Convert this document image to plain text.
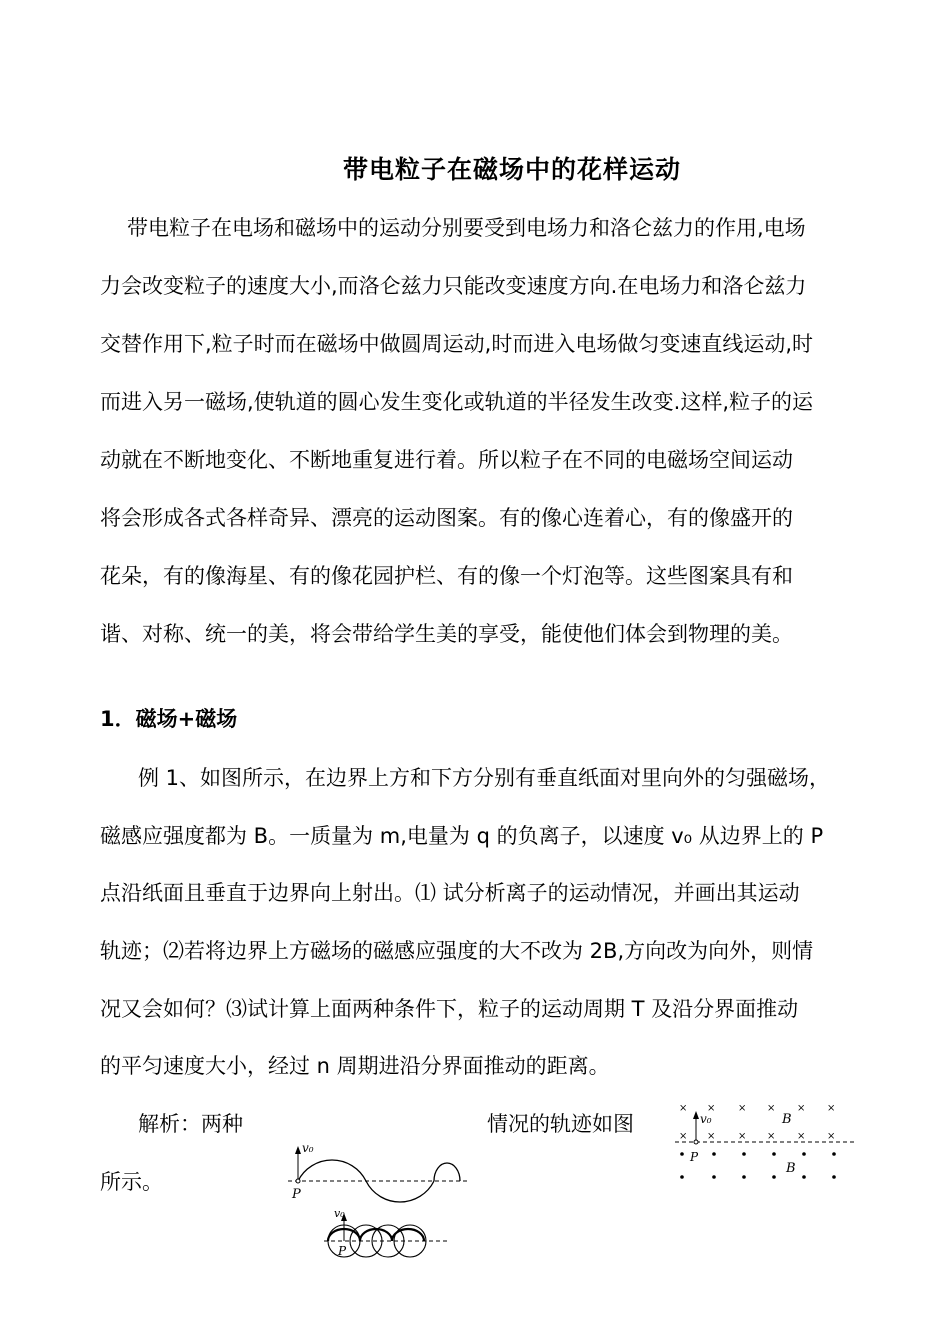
带电粒子在磁场中的花样运动
带电粒子在电场和磁场中的运动分别要受到电场力和洛仑兹力的作用,电场
力会改变粒子的速度大小,而洛仑兹力只能改变速度方向.在电场力和洛仑兹力
交替作用下,粒子时而在磁场中做圆周运动,时而进入电场做匀变速直线运动,时
而进入另一磁场,使轨道的圆心发生变化或轨道的半径发生改变.这样,粒子的运
动就在不断地变化、不断地重复进行着。所以粒子在不同的电磁场空间运动
将会形成各式各样奇异、漂亮的运动图案。有的像心连着心，有的像盛开的
花朵，有的像海星、有的像花园护栏、有的像一个灯泡等。这些图案具有和
谐、对称、统一的美，将会带给学生美的享受，能使他们体会到物理的美。
1．磁场+磁场
例 1、如图所示，在边界上方和下方分别有垂直纸面对里向外的匀强磁场，
磁感应强度都为 B。一质量为 m,电量为 q 的负离子，以速度 v₀ 从边界上的 P
点沿纸面且垂直于边界向上射出。⑴ 试分析离子的运动情况，并画出其运动
轨迹；⑵若将边界上方磁场的磁感应强度的大不改为 2B,方向改为向外，则情
况又会如何？⑶试计算上面两种条件下，粒子的运动周期 T 及沿分界面推动
的平匀速度大小，经过 n 周期进沿分界面推动的距离。
解析：两种	情况的轨迹如图
所示。
v₀
P
v₀
P
× × × × × ×
× × × × × ×
v₀
P
B
B
